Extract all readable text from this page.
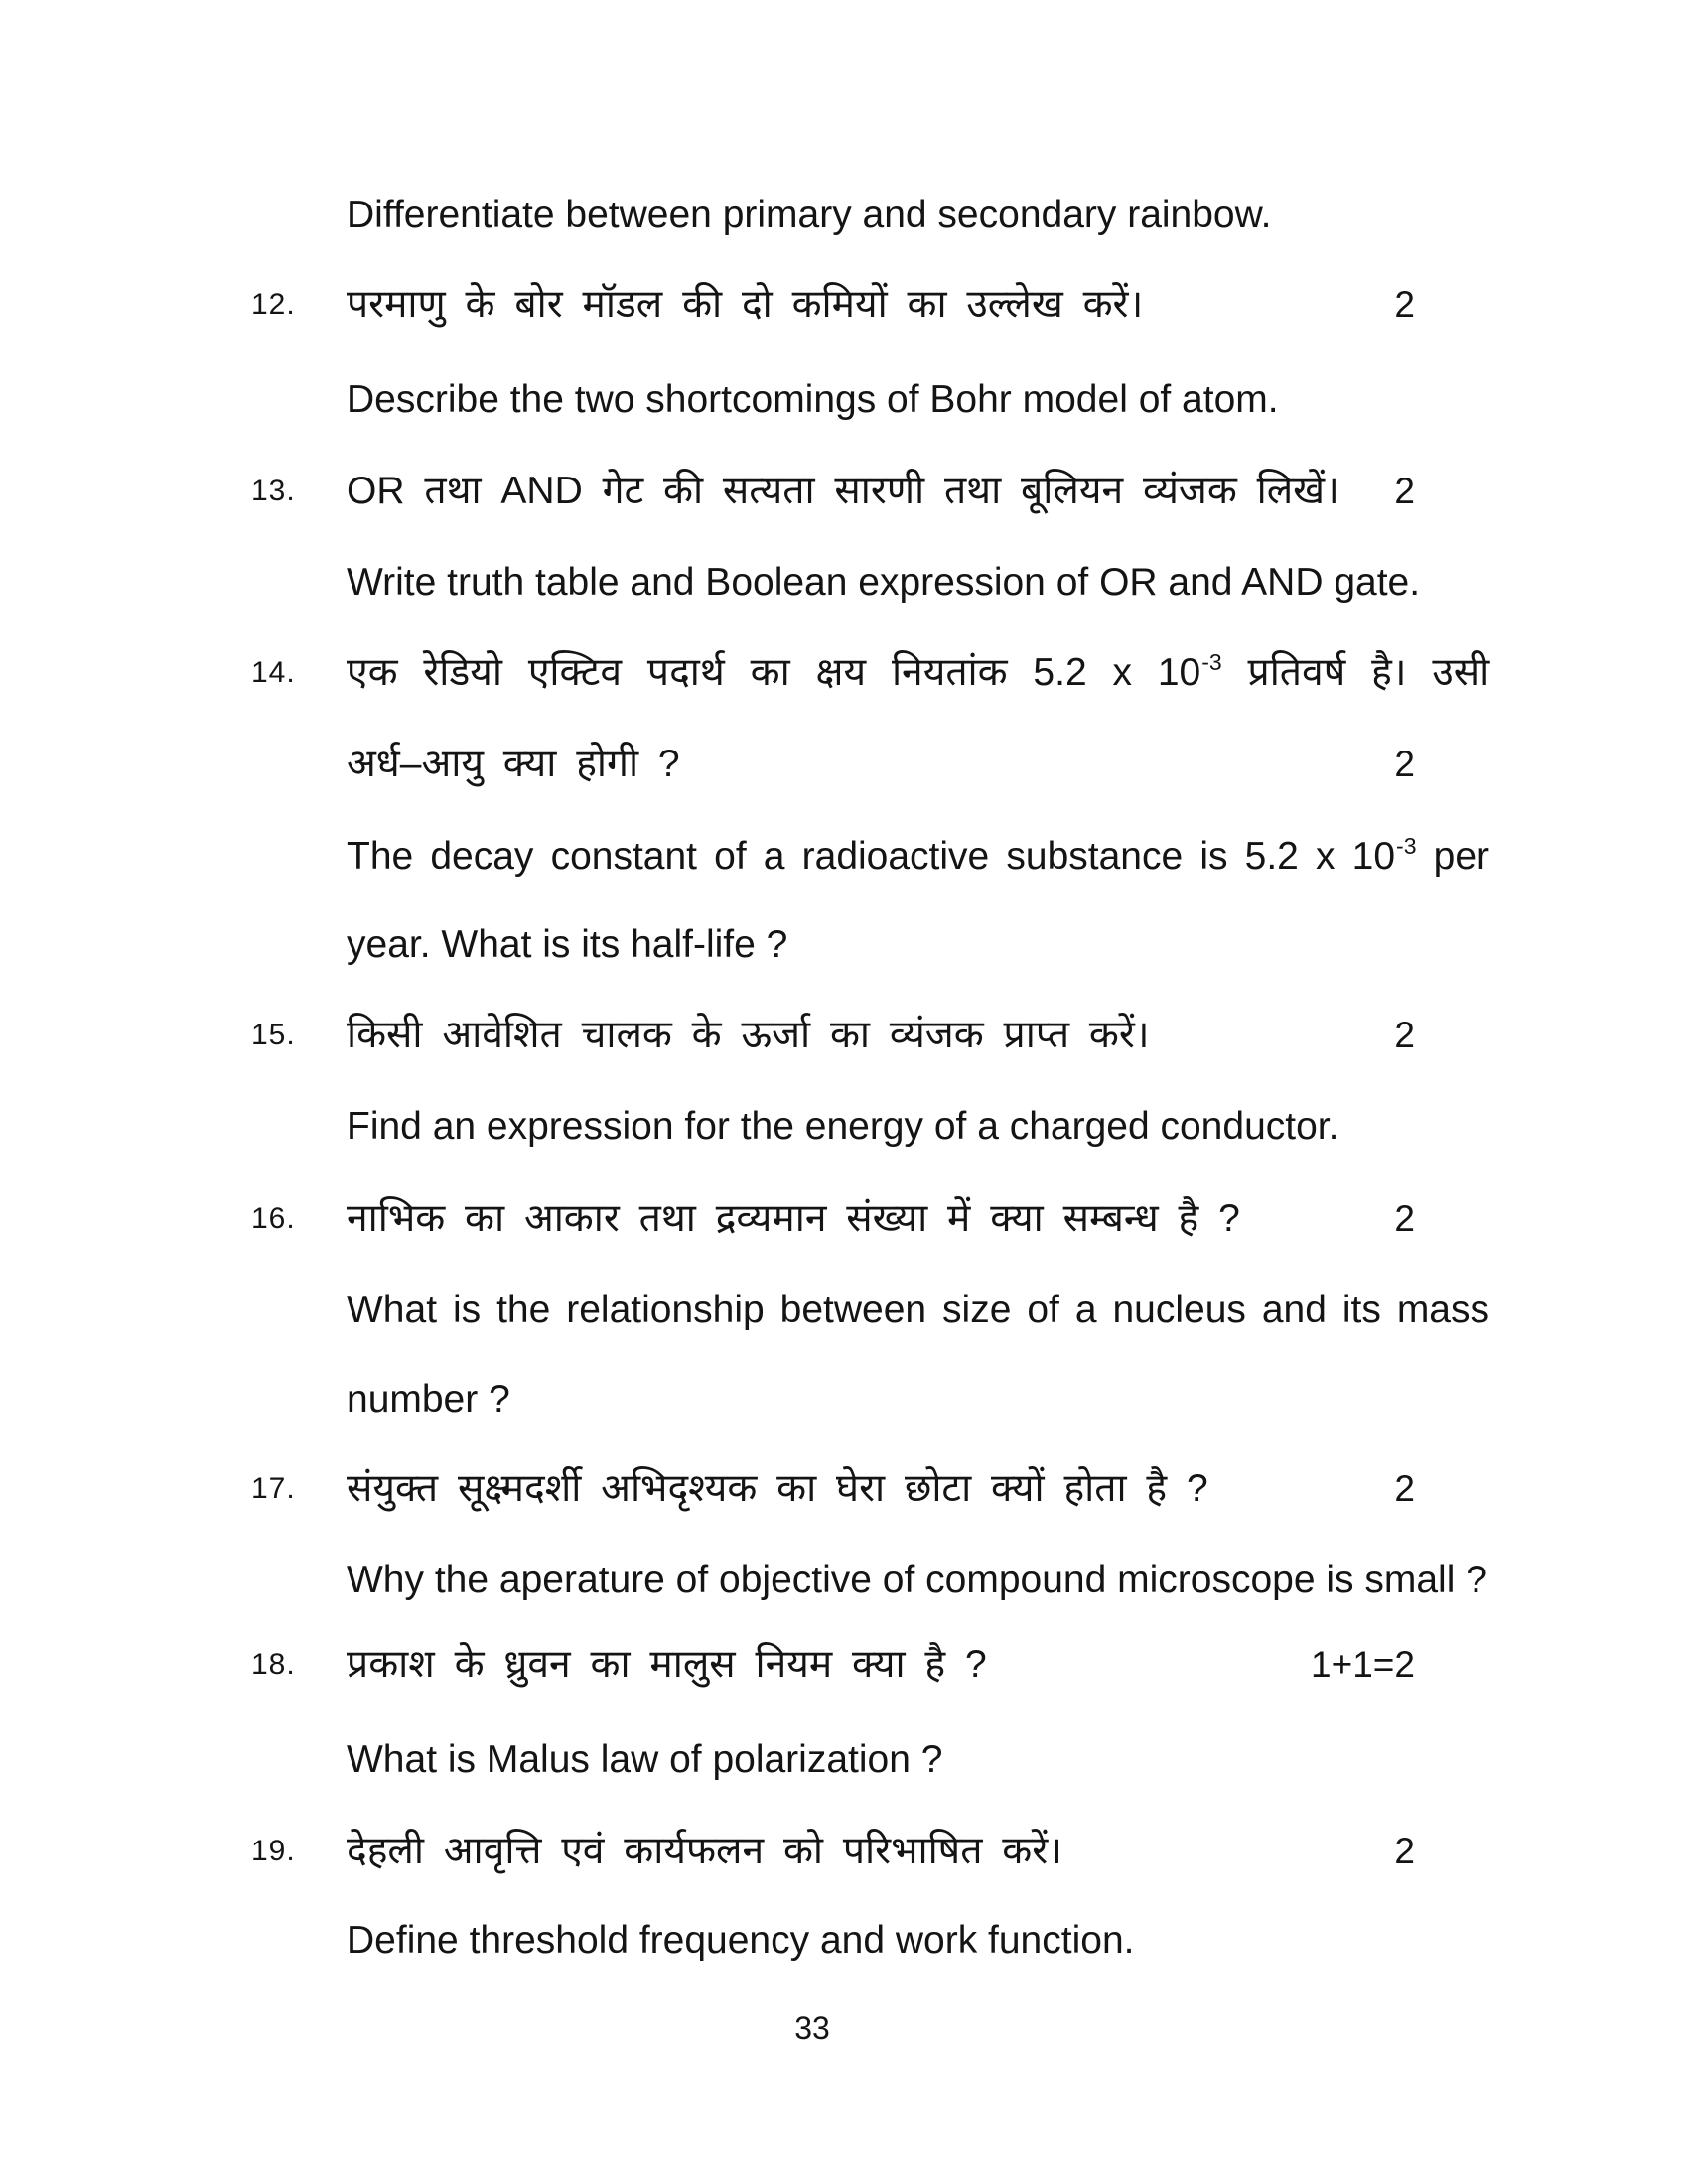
Differentiate between primary and secondary rainbow.
12. परमाणु के बोर मॉडल की दो कमियों का उल्लेख करें।	2
Describe the two shortcomings of Bohr model of atom.
13. OR तथा AND गेट की सत्यता सारणी तथा बूलियन व्यंजक लिखें। 2
Write truth table and Boolean expression of OR and AND gate.
14. एक रेडियो एक्टिव पदार्थ का क्षय नियतांक 5.2 x $10^{-3}$ प्रतिवर्ष है। उसी
अर्ध–आयु क्या होगी ?	2
The decay constant of a radioactive substance is 5.2 x $10^{-3}$ per
year. What is its half-life ?
15. किसी आवेशित चालक के ऊर्जा का व्यंजक प्राप्त करें।	2
Find an expression for the energy of a charged conductor.
16. नाभिक का आकार तथा द्रव्यमान संख्या में क्या सम्बन्ध है ?	2
What is the relationship between size of a nucleus and its mass
number ?
17. संयुक्त सूक्ष्मदर्शी अभिदृश्यक का घेरा छोटा क्यों होता है ?	2
Why the aperature of objective of compound microscope is small ?
18. प्रकाश के ध्रुवन का मालुस नियम क्या है ?	1+1=2
What is Malus law of polarization ?
19. देहली आवृत्ति एवं कार्यफलन को परिभाषित करें।	2
Define threshold frequency and work function.
33
